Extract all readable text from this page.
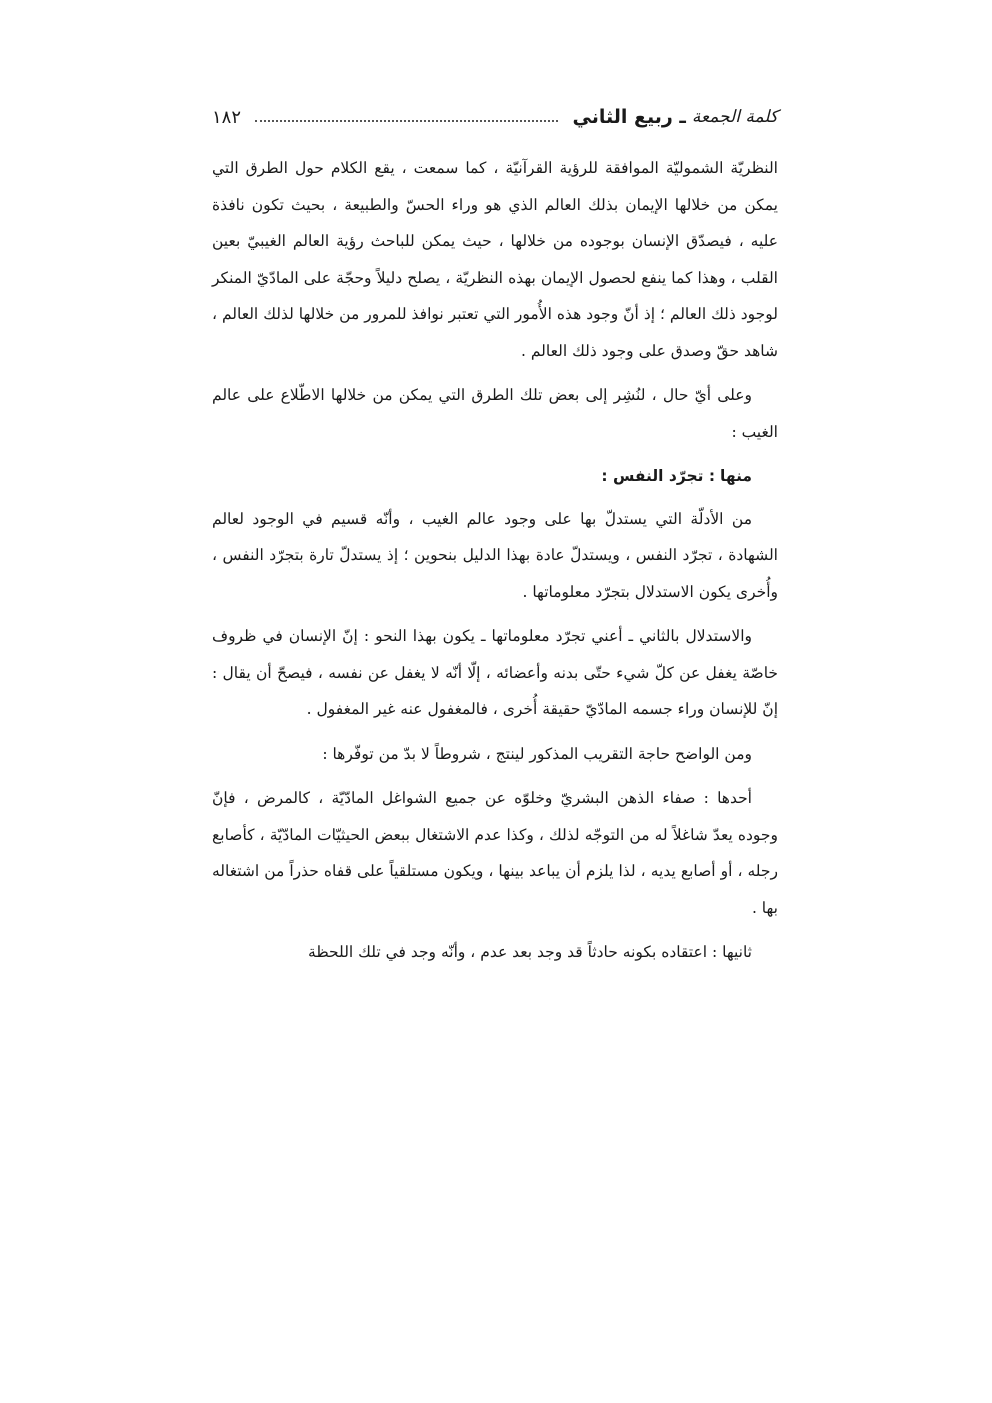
كلمة الجمعة
ـ ربيع الثاني
١٨٢

النظريّة الشموليّة الموافقة للرؤية القرآنيّة ، كما سمعت ، يقع الكلام حول الطرق التي يمكن من خلالها الإيمان بذلك العالم الذي هو وراء الحسّ والطبيعة ، بحيث تكون نافذة عليه ، فيصدّق الإنسان بوجوده من خلالها ، حيث يمكن للباحث رؤية العالم الغيبيّ بعين القلب ، وهذا كما ينفع لحصول الإيمان بهذه النظريّة ، يصلح دليلاً وحجّة على المادّيّ المنكر لوجود ذلك العالم ؛ إذ أنّ وجود هذه الأُمور التي تعتبر نوافذ للمرور من خلالها لذلك العالم ، شاهد حقّ وصدق على وجود ذلك العالم .

وعلى أيّ حال ، لنُشِر إلى بعض تلك الطرق التي يمكن من خلالها الاطّلاع على عالم الغيب :

منها : تجرّد النفس :

من الأدلّة التي يستدلّ بها على وجود عالم الغيب ، وأنّه قسيم في الوجود لعالم الشهادة ، تجرّد النفس ، ويستدلّ عادة بهذا الدليل بنحوين ؛ إذ يستدلّ تارة بتجرّد النفس ، وأُخرى يكون الاستدلال بتجرّد معلوماتها .

والاستدلال بالثاني ـ أعني تجرّد معلوماتها ـ يكون بهذا النحو : إنّ الإنسان في ظروف خاصّة يغفل عن كلّ شيء حتّى بدنه وأعضائه ، إلّا أنّه لا يغفل عن نفسه ، فيصحّ أن يقال : إنّ للإنسان وراء جسمه المادّيّ حقيقة أُخرى ، فالمغفول عنه غير المغفول .

ومن الواضح حاجة التقريب المذكور لينتج ، شروطاً لا بدّ من توفّرها :

أحدها : صفاء الذهن البشريّ وخلوّه عن جميع الشواغل المادّيّة ، كالمرض ، فإنّ وجوده يعدّ شاغلاً له من التوجّه لذلك ، وكذا عدم الاشتغال ببعض الحيثيّات المادّيّة ، كأصابع رجله ، أو أصابع يديه ، لذا يلزم أن يباعد بينها ، ويكون مستلقياً على قفاه حذراً من اشتغاله بها .

ثانيها : اعتقاده بكونه حادثاً قد وجد بعد عدم ، وأنّه وجد في تلك اللحظة
